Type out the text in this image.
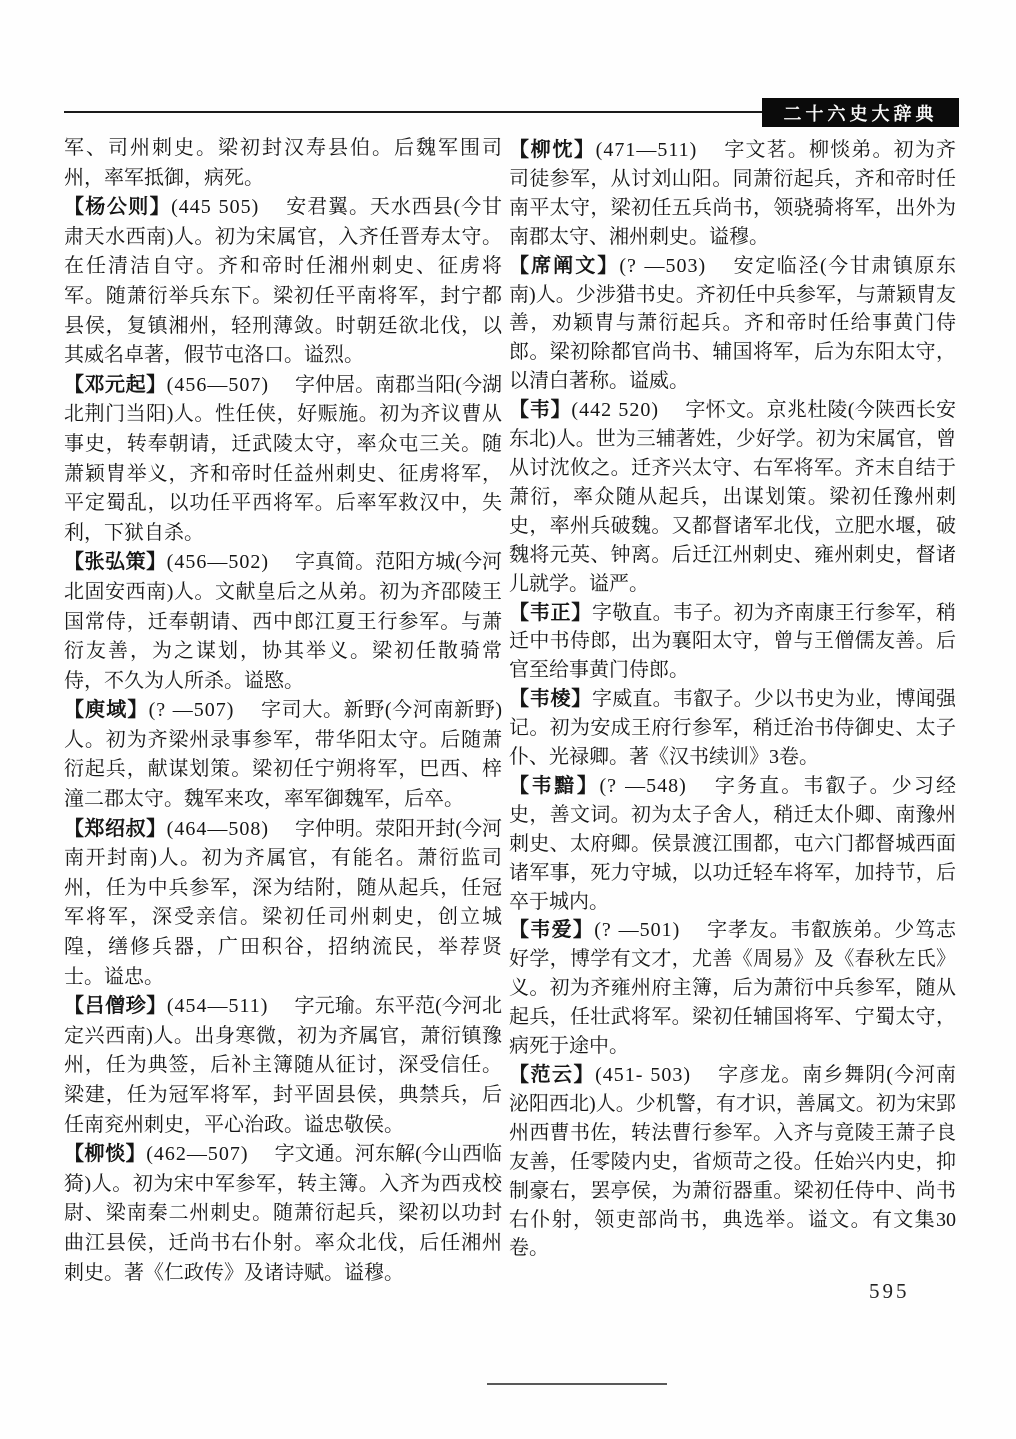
二十六史大辞典

军、司州刺史。梁初封汉寿县伯。后魏军围司州，率军抵御，病死。

【杨公则】(445 505) 安君翼。天水西县(今甘肃天水西南)人。初为宋属官，入齐任晋寿太守。在任清洁自守。齐和帝时任湘州刺史、征虏将军。随萧衍举兵东下。梁初任平南将军，封宁都县侯，复镇湘州，轻刑薄敛。时朝廷欲北伐，以其威名卓著，假节屯洛口。谥烈。

【邓元起】(456—507) 字仲居。南郡当阳(今湖北荆门当阳)人。性任侠，好赈施。初为齐议曹从事史，转奉朝请，迁武陵太守，率众屯三关。随萧颖胄举义，齐和帝时任益州刺史、征虏将军，平定蜀乱，以功任平西将军。后率军救汉中，失利，下狱自杀。

【张弘策】(456—502) 字真简。范阳方城(今河北固安西南)人。文献皇后之从弟。初为齐邵陵王国常侍，迁奉朝请、西中郎江夏王行参军。与萧衍友善，为之谋划，协其举义。梁初任散骑常侍，不久为人所杀。谥愍。

【庾域】(? —507) 字司大。新野(今河南新野)人。初为齐梁州录事参军，带华阳太守。后随萧衍起兵，献谋划策。梁初任宁朔将军，巴西、梓潼二郡太守。魏军来攻，率军御魏军，后卒。

【郑绍叔】(464—508) 字仲明。荥阳开封(今河南开封南)人。初为齐属官，有能名。萧衍监司州，任为中兵参军，深为结附，随从起兵，任冠军将军，深受亲信。梁初任司州刺史，创立城隍，缮修兵器，广田积谷，招纳流民，举荐贤士。谥忠。

【吕僧珍】(454—511) 字元瑜。东平范(今河北定兴西南)人。出身寒微，初为齐属官，萧衍镇豫州，任为典签，后补主簿随从征讨，深受信任。梁建，任为冠军将军，封平固县侯，典禁兵，后任南兖州刺史，平心治政。谥忠敬侯。

【柳惔】(462—507) 字文通。河东解(今山西临猗)人。初为宋中军参军，转主簿。入齐为西戎校尉、梁南秦二州刺史。随萧衍起兵，梁初以功封曲江县侯，迁尚书右仆射。率众北伐，后任湘州刺史。著《仁政传》及诸诗赋。谥穆。

【柳忱】(471—511) 字文茗。柳惔弟。初为齐司徒参军，从讨刘山阳。同萧衍起兵，齐和帝时任南平太守，梁初任五兵尚书，领骁骑将军，出外为南郡太守、湘州刺史。谥穆。

【席阐文】(? —503) 安定临泾(今甘肃镇原东南)人。少涉猎书史。齐初任中兵参军，与萧颖胄友善，劝颖胄与萧衍起兵。齐和帝时任给事黄门侍郎。梁初除都官尚书、辅国将军，后为东阳太守，以清白著称。谥威。

【韦】(442 520) 字怀文。京兆杜陵(今陕西长安东北)人。世为三辅著姓，少好学。初为宋属官，曾从讨沈攸之。迁齐兴太守、右军将军。齐末自结于萧衍，率众随从起兵，出谋划策。梁初任豫州刺史，率州兵破魏。又都督诸军北伐，立肥水堰，破魏将元英、钟离。后迁江州刺史、雍州刺史，督诸儿就学。谥严。

【韦正】字敬直。韦子。初为齐南康王行参军，稍迁中书侍郎，出为襄阳太守，曾与王僧儒友善。后官至给事黄门侍郎。

【韦棱】字威直。韦叡子。少以书史为业，博闻强记。初为安成王府行参军，稍迁治书侍御史、太子仆、光禄卿。著《汉书续训》3卷。

【韦黯】(? —548) 字务直。韦叡子。少习经史，善文词。初为太子舍人，稍迁太仆卿、南豫州刺史、太府卿。侯景渡江围都，屯六门都督城西面诸军事，死力守城，以功迁轻车将军，加持节，后卒于城内。

【韦爱】(? —501) 字孝友。韦叡族弟。少笃志好学，博学有文才，尤善《周易》及《春秋左氏》义。初为齐雍州府主簿，后为萧衍中兵参军，随从起兵，任壮武将军。梁初任辅国将军、宁蜀太守，病死于途中。

【范云】(451- 503) 字彦龙。南乡舞阴(今河南泌阳西北)人。少机警，有才识，善属文。初为宋郢州西曹书佐，转法曹行参军。入齐与竟陵王萧子良友善，任零陵内史，省烦苛之役。任始兴内史，抑制豪右，罢亭侯，为萧衍器重。梁初任侍中、尚书右仆射，领吏部尚书，典选举。谥文。有文集30卷。

595
